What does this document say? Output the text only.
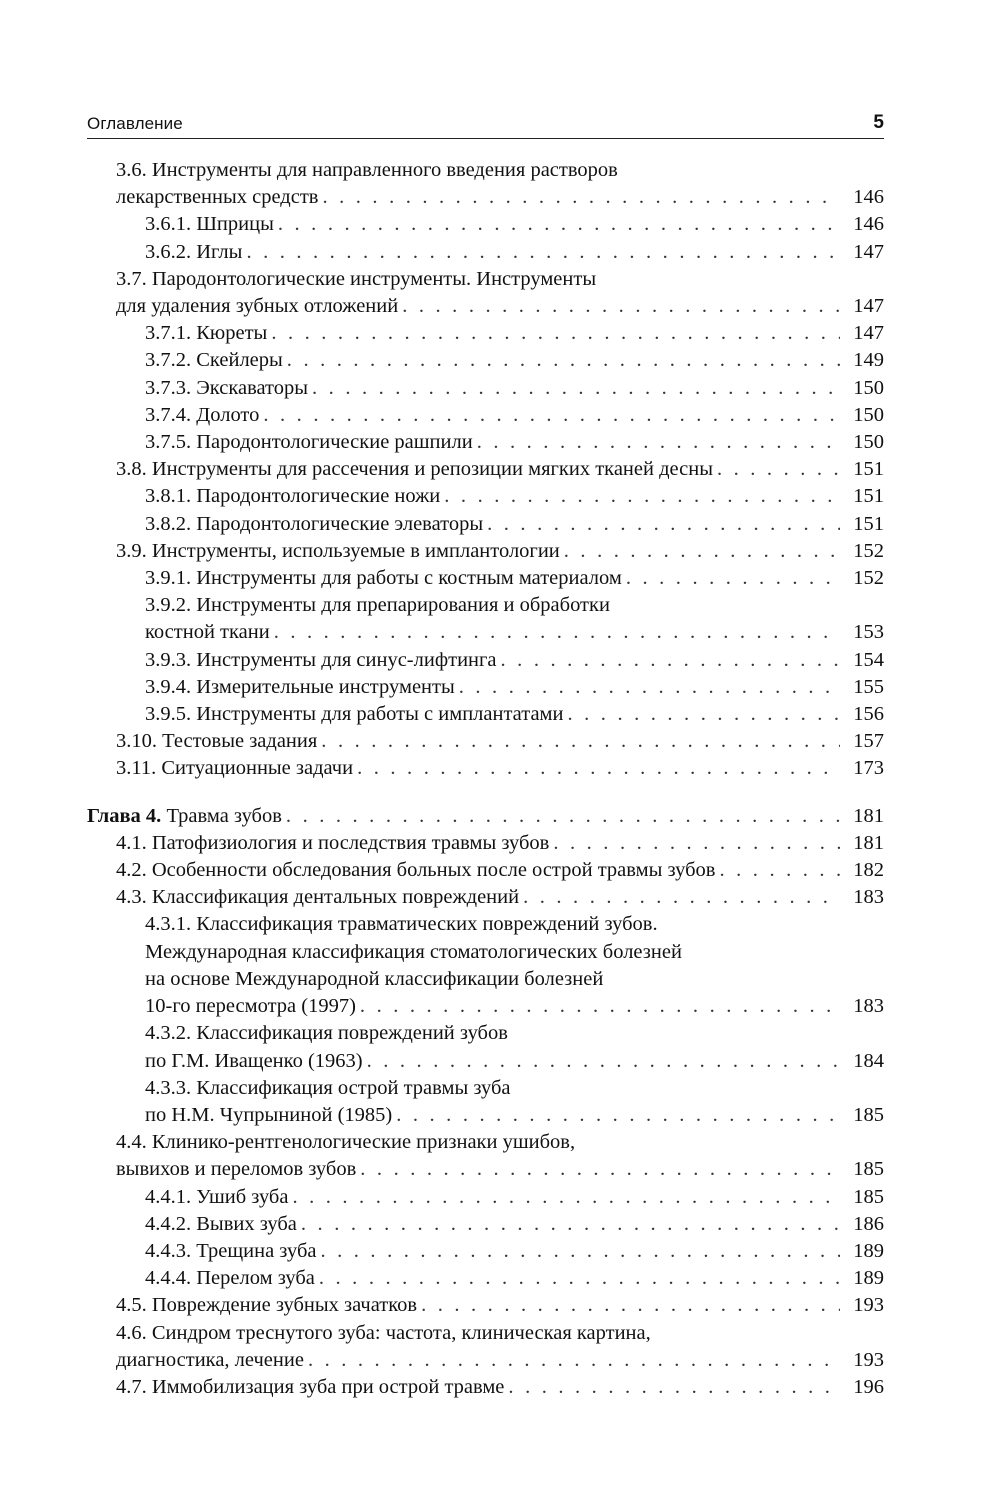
Оглавление	5
3.6. Инструменты для направленного введения растворов
лекарственных средств . . .	146
3.6.1. Шприцы . . .	146
3.6.2. Иглы . . .	147
3.7. Пародонтологические инструменты. Инструменты
для удаления зубных отложений . . .	147
3.7.1. Кюреты . . .	147
3.7.2. Скейлеры . . .	149
3.7.3. Экскаваторы . . .	150
3.7.4. Долото . . .	150
3.7.5. Пародонтологические рашпили . . .	150
3.8. Инструменты для рассечения и репозиции мягких тканей десны . . .	151
3.8.1. Пародонтологические ножи . . .	151
3.8.2. Пародонтологические элеваторы . . .	151
3.9. Инструменты, используемые в имплантологии . . .	152
3.9.1. Инструменты для работы с костным материалом . . .	152
3.9.2. Инструменты для препарирования и обработки
костной ткани . . .	153
3.9.3. Инструменты для синус-лифтинга . . .	154
3.9.4. Измерительные инструменты . . .	155
3.9.5. Инструменты для работы с имплантатами . . .	156
3.10. Тестовые задания . . .	157
3.11. Ситуационные задачи . . .	173
Глава 4. Травма зубов . . .	181
4.1. Патофизиология и последствия травмы зубов . . .	181
4.2. Особенности обследования больных после острой травмы зубов . . .	182
4.3. Классификация дентальных повреждений . . .	183
4.3.1. Классификация травматических повреждений зубов.
Международная классификация стоматологических болезней
на основе Международной классификации болезней
10-го пересмотра (1997) . . .	183
4.3.2. Классификация повреждений зубов
по Г.М. Иващенко (1963) . . .	184
4.3.3. Классификация острой травмы зуба
по Н.М. Чупрыниной (1985) . . .	185
4.4. Клинико-рентгенологические признаки ушибов,
вывихов и переломов зубов . . .	185
4.4.1. Ушиб зуба . . .	185
4.4.2. Вывих зуба . . .	186
4.4.3. Трещина зуба . . .	189
4.4.4. Перелом зуба . . .	189
4.5. Повреждение зубных зачатков . . .	193
4.6. Синдром треснутого зуба: частота, клиническая картина,
диагностика, лечение . . .	193
4.7. Иммобилизация зуба при острой травме . . .	196
